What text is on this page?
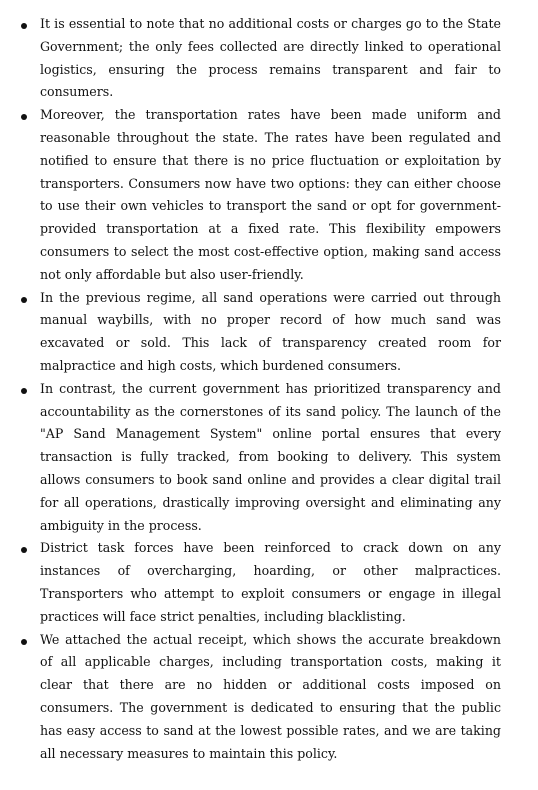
It is essential to note that no additional costs or charges go to the State Government; the only fees collected are directly linked to operational logistics, ensuring the process remains transparent and fair to consumers.
Moreover, the transportation rates have been made uniform and reasonable throughout the state. The rates have been regulated and notified to ensure that there is no price fluctuation or exploitation by transporters. Consumers now have two options: they can either choose to use their own vehicles to transport the sand or opt for government-provided transportation at a fixed rate. This flexibility empowers consumers to select the most cost-effective option, making sand access not only affordable but also user-friendly.
In the previous regime, all sand operations were carried out through manual waybills, with no proper record of how much sand was excavated or sold. This lack of transparency created room for malpractice and high costs, which burdened consumers.
In contrast, the current government has prioritized transparency and accountability as the cornerstones of its sand policy. The launch of the "AP Sand Management System" online portal ensures that every transaction is fully tracked, from booking to delivery. This system allows consumers to book sand online and provides a clear digital trail for all operations, drastically improving oversight and eliminating any ambiguity in the process.
District task forces have been reinforced to crack down on any instances of overcharging, hoarding, or other malpractices. Transporters who attempt to exploit consumers or engage in illegal practices will face strict penalties, including blacklisting.
We attached the actual receipt, which shows the accurate breakdown of all applicable charges, including transportation costs, making it clear that there are no hidden or additional costs imposed on consumers. The government is dedicated to ensuring that the public has easy access to sand at the lowest possible rates, and we are taking all necessary measures to maintain this policy.
